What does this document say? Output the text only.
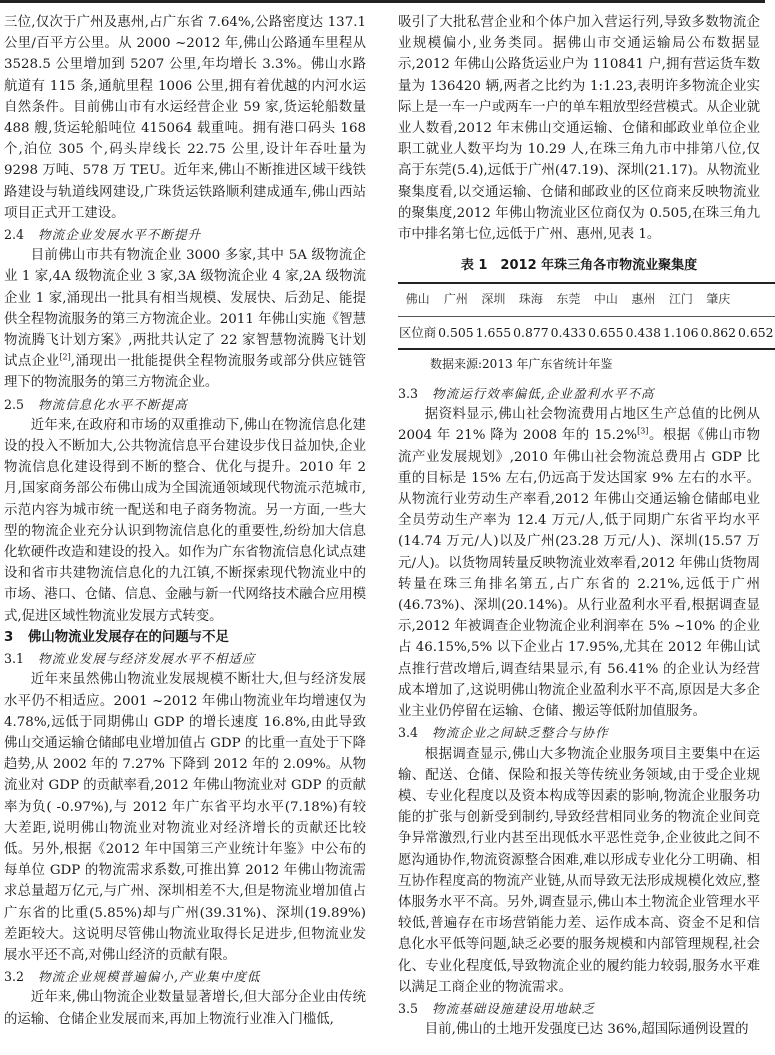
三位,仅次于广州及惠州,占广东省 7.64%,公路密度达 137.1 公里/百平方公里。从 2000 ~2012 年,佛山公路通车里程从 3528.5 公里增加到 5207 公里,年均增长 3.3%。佛山水路航道有 115 条,通航里程 1006 公里,拥有着优越的内河水运自然条件。目前佛山市有水运经营企业 59 家,货运轮船数量 488 艘,货运轮船吨位 415064 载重吨。拥有港口码头 168 个,泊位 305 个,码头岸线长 22.75 公里,设计年吞吐量为 9298 万吨、578 万 TEU。近年来,佛山不断推进区域干线铁路建设与轨道线网建设,广珠货运铁路顺利建成通车,佛山西站项目正式开工建设。

2.4 物流企业发展水平不断提升

目前佛山市共有物流企业 3000 多家,其中 5A 级物流企业 1 家,4A 级物流企业 3 家,3A 级物流企业 4 家,2A 级物流企业 1 家,涌现出一批具有相当规模、发展快、后劲足、能提供全程物流服务的第三方物流企业。2011 年佛山实施《智慧物流腾飞计划方案》,两批共认定了 22 家智慧物流腾飞计划试点企业[2],涌现出一批能提供全程物流服务或部分供应链管理下的物流服务的第三方物流企业。

2.5 物流信息化水平不断提高

近年来,在政府和市场的双重推动下,佛山在物流信息化建设的投入不断加大,公共物流信息平台建设步伐日益加快,企业物流信息化建设得到不断的整合、优化与提升。2010 年 2 月,国家商务部公布佛山成为全国流通领域现代物流示范城市,示范内容为城市统一配送和电子商务物流。另一方面,一些大型的物流企业充分认识到物流信息化的重要性,纷纷加大信息化软硬件改造和建设的投入。如作为广东省物流信息化试点建设和省市共建物流信息化的九江镇,不断探索现代物流业中的市场、港口、仓储、信息、金融与新一代网络技术融合应用模式,促进区域性物流业发展方式转变。

3 佛山物流业发展存在的问题与不足

3.1 物流业发展与经济发展水平不相适应

近年来虽然佛山物流业发展规模不断壮大,但与经济发展水平仍不相适应。2001 ~2012 年佛山物流业年均增速仅为 4.78%,远低于同期佛山 GDP 的增长速度 16.8%,由此导致佛山交通运输仓储邮电业增加值占 GDP 的比重一直处于下降趋势,从 2002 年的 7.27% 下降到 2012 年的 2.09%。从物流业对 GDP 的贡献率看,2012 年佛山物流业对 GDP 的贡献率为负( -0.97%),与 2012 年广东省平均水平(7.18%)有较大差距,说明佛山物流业对物流业对经济增长的贡献还比较低。另外,根据《2012 年中国第三产业统计年鉴》中公布的每单位 GDP 的物流需求系数,可推出算 2012 年佛山物流需求总量超万亿元,与广州、深圳相差不大,但是物流业增加值占广东省的比重(5.85%)却与广州(39.31%)、深圳(19.89%)差距较大。这说明尽管佛山物流业取得长足进步,但物流业发展水平还不高,对佛山经济的贡献有限。

3.2 物流企业规模普遍偏小,产业集中度低

近年来,佛山物流企业数量显著增长,但大部分企业由传统的运输、仓储企业发展而来,再加上物流行业准入门槛低,

吸引了大批私营企业和个体户加入营运行列,导致多数物流企业规模偏小,业务类同。据佛山市交通运输局公布数据显示,2012 年佛山公路货运业户为 110841 户,拥有营运货车数量为 136420 辆,两者之比约为 1:1.23,表明许多物流企业实际上是一车一户或两车一户的单车粗放型经营模式。从企业就业人数看,2012 年末佛山交通运输、仓储和邮政业单位企业职工就业人数平均为 10.29 人,在珠三角九市中排第八位,仅高于东莞(5.4),远低于广州(47.19)、深圳(21.17)。从物流业聚集度看,以交通运输、仓储和邮政业的区位商来反映物流业的聚集度,2012 年佛山物流业区位商仅为 0.505,在珠三角九市中排名第七位,远低于广州、惠州,见表 1。

表 1　2012 年珠三角各市物流业聚集度
佛山	广州	深圳	珠海	东莞	中山	惠州	江门	肇庆	
区位商	0.505	1.655	0.877	0.433	0.655	0.438	1.106	0.862	0.652
数据来源:2013 年广东省统计年鉴

3.3 物流运行效率偏低,企业盈利水平不高

据资料显示,佛山社会物流费用占地区生产总值的比例从 2004 年 21% 降为 2008 年的 15.2%[3]。根据《佛山市物流产业发展规划》,2010 年佛山社会物流总费用占 GDP 比重的目标是 15% 左右,仍远高于发达国家 9% 左右的水平。从物流行业劳动生产率看,2012 年佛山交通运输仓储邮电业全员劳动生产率为 12.4 万元/人,低于同期广东省平均水平(14.74 万元/人)以及广州(23.28 万元/人)、深圳(15.57 万元/人)。以货物周转量反映物流业效率看,2012 年佛山货物周转量在珠三角排名第五,占广东省的 2.21%,远低于广州(46.73%)、深圳(20.14%)。从行业盈利水平看,根据调查显示,2012 年被调查企业物流企业利润率在 5% ~10% 的企业占 46.15%,5% 以下企业占 17.95%,尤其在 2012 年佛山试点推行营改增后,调查结果显示,有 56.41% 的企业认为经营成本增加了,这说明佛山物流企业盈利水平不高,原因是大多企业主业仍停留在运输、仓储、搬运等低附加值服务。

3.4 物流企业之间缺乏整合与协作

根据调查显示,佛山大多物流企业服务项目主要集中在运输、配送、仓储、保险和报关等传统业务领域,由于受企业规模、专业化程度以及资本构成等因素的影响,物流企业服务功能的扩张与创新受到制约,导致经营相同业务的物流企业间竞争异常激烈,行业内甚至出现低水平恶性竞争,企业彼此之间不愿沟通协作,物流资源整合困难,难以形成专业化分工明确、相互协作程度高的物流产业链,从而导致无法形成规模化效应,整体服务水平不高。另外,调查显示,佛山本土物流企业管理水平较低,普遍存在市场营销能力差、运作成本高、资金不足和信息化水平低等问题,缺乏必要的服务规模和内部管理规程,社会化、专业化程度低,导致物流企业的履约能力较弱,服务水平难以满足工商企业的物流需求。

3.5 物流基础设施建设用地缺乏

目前,佛山的土地开发强度已达 36%,超国际通例设置的
